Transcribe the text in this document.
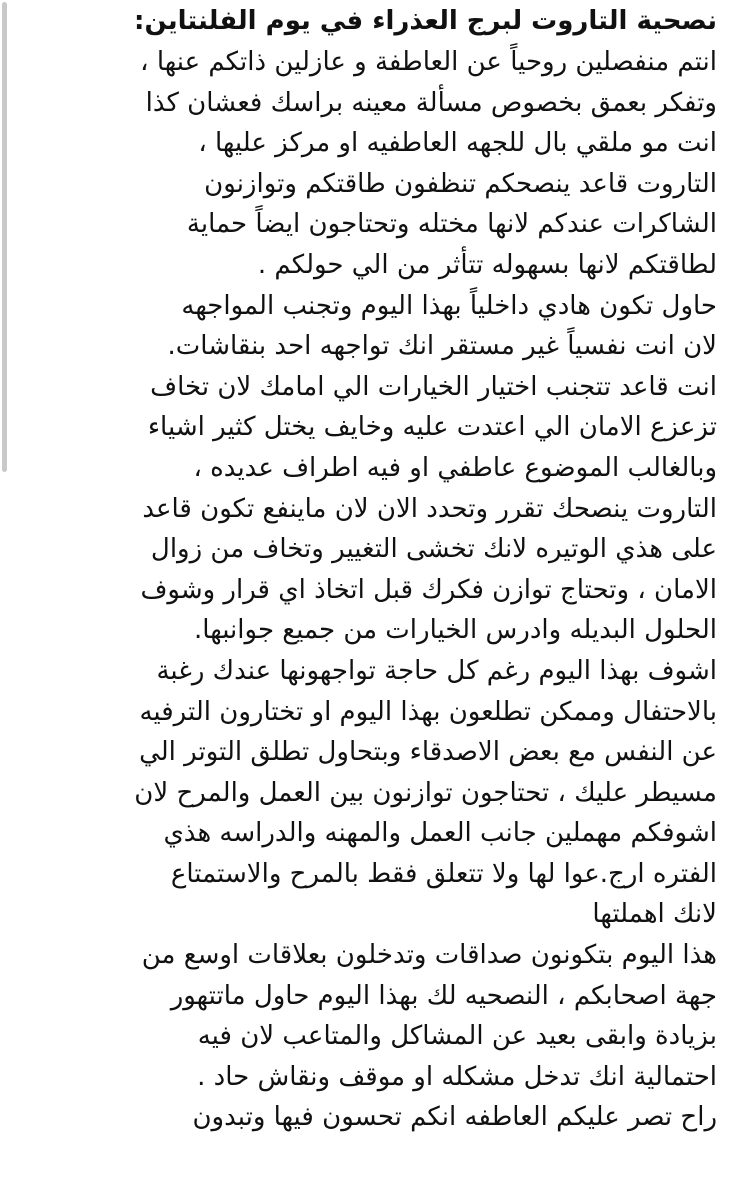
نصحية التاروت لبرج العذراء في يوم الفلنتاين:
انتم منفصلين روحياً عن العاطفة و عازلين ذاتكم عنها ،
وتفكر بعمق بخصوص مسألة معينه براسك فعشان كذا
انت مو ملقي بال للجهه العاطفيه او مركز عليها ،
التاروت قاعد ينصحكم تنظفون طاقتكم وتوازنون
الشاكرات عندكم لانها مختله وتحتاجون ايضاً حماية
لطاقتكم لانها بسهوله تتأثر من الي حولكم .
حاول تكون هادي داخلياً بهذا اليوم وتجنب المواجهه
لان انت نفسياً غير مستقر انك تواجهه احد بنقاشات.
انت قاعد تتجنب اختيار الخيارات الي امامك لان تخاف
تزعزع الامان الي اعتدت عليه وخايف يختل كثير اشياء
وبالغالب الموضوع عاطفي او فيه اطراف عديده ،
التاروت ينصحك تقرر وتحدد الان لان ماينفع تكون قاعد
على هذي الوتيره لانك تخشى التغيير وتخاف من زوال
الامان ، وتحتاج توازن فكرك قبل اتخاذ اي قرار وشوف
الحلول البديله وادرس الخيارات من جميع جوانبها.
اشوف بهذا اليوم رغم كل حاجة تواجهونها عندك رغبة
بالاحتفال وممكن تطلعون بهذا اليوم او تختارون الترفيه
عن النفس مع بعض الاصدقاء وبتحاول تطلق التوتر الي
مسيطر عليك ، تحتاجون توازنون بين العمل والمرح لان
اشوفكم مهملين جانب العمل والمهنه والدراسه هذي
الفتره ارج.عوا لها ولا تتعلق فقط بالمرح والاستمتاع
لانك اهملتها
هذا اليوم بتكونون صداقات وتدخلون بعلاقات اوسع من
جهة اصحابكم ، النصحيه لك بهذا اليوم حاول ماتتهور
بزيادة وابقى بعيد عن المشاكل والمتاعب لان فيه
احتمالية انك تدخل مشكله او موقف ونقاش حاد .
راح تصر عليكم العاطفه انكم تحسون فيها وتبدون
